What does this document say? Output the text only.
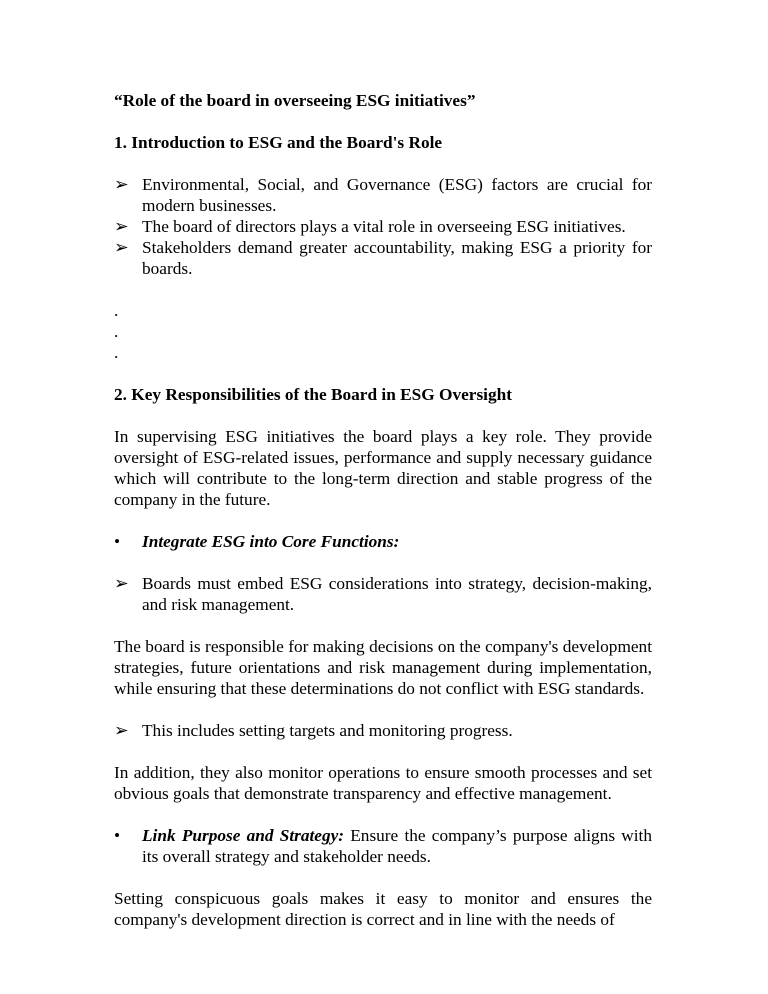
“Role of the board in overseeing ESG initiatives”

1. Introduction to ESG and the Board's Role

➢ Environmental, Social, and Governance (ESG) factors are crucial for modern businesses.
➢ The board of directors plays a vital role in overseeing ESG initiatives.
➢ Stakeholders demand greater accountability, making ESG a priority for boards.

.

.

.

2. Key Responsibilities of the Board in ESG Oversight

In supervising ESG initiatives the board plays a key role. They provide oversight of ESG-related issues, performance and supply necessary guidance which will contribute to the long-term direction and stable progress of the company in the future.

• Integrate ESG into Core Functions:
➢ Boards must embed ESG considerations into strategy, decision-making, and risk management.

The board is responsible for making decisions on the company's development strategies, future orientations and risk management during implementation, while ensuring that these determinations do not conflict with ESG standards.

➢ This includes setting targets and monitoring progress.

In addition, they also monitor operations to ensure smooth processes and set obvious goals that demonstrate transparency and effective management.

• Link Purpose and Strategy: Ensure the company’s purpose aligns with its overall strategy and stakeholder needs.

Setting conspicuous goals makes it easy to monitor and ensures the company's development direction is correct and in line with the needs of
